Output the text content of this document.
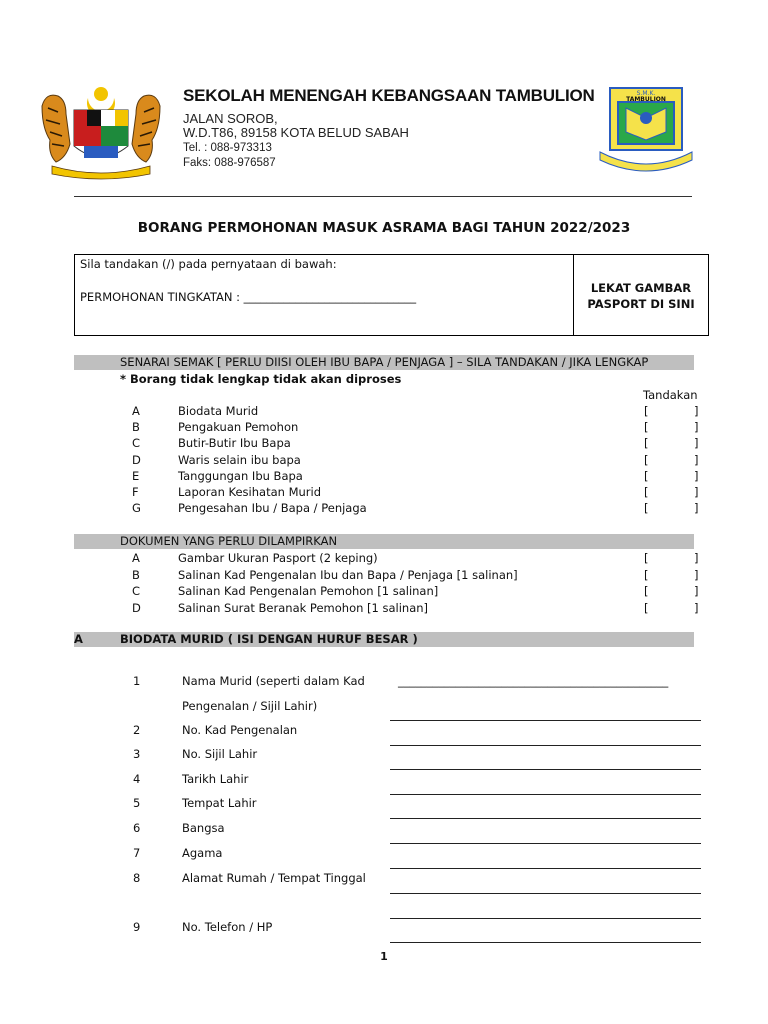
SEKOLAH MENENGAH KEBANGSAAN TAMBULION
JALAN SOROB,
W.D.T86, 89158 KOTA BELUD SABAH
Tel. : 088-973313
Faks: 088-976587
S.M.K.
TAMBULION
BORANG PERMOHONAN MASUK ASRAMA BAGI TAHUN 2022/2023
Sila tandakan (/) pada pernyataan di bawah:
PERMOHONAN TINGKATAN : ______________________________
LEKAT GAMBAR
PASPORT DI SINI
SENARAI SEMAK [ PERLU DIISI OLEH IBU BAPA / PENJAGA ] – SILA TANDAKAN / JIKA LENGKAP
* Borang tidak lengkap tidak akan diproses
Tandakan
A	Biodata Murid	[	]
B	Pengakuan Pemohon	[	]
C	Butir-Butir Ibu Bapa	[	]
D	Waris selain ibu bapa	[	]
E	Tanggungan Ibu Bapa	[	]
F	Laporan Kesihatan Murid	[	]
G	Pengesahan Ibu / Bapa / Penjaga	[	]
DOKUMEN YANG PERLU DILAMPIRKAN
A	Gambar Ukuran Pasport (2 keping)	[	]
B	Salinan Kad Pengenalan Ibu dan Bapa / Penjaga [1 salinan]	[	]
C	Salinan Kad Pengenalan Pemohon [1 salinan]	[	]
D	Salinan Surat Beranak Pemohon [1 salinan]	[	]
A	BIODATA MURID ( ISI DENGAN HURUF BESAR )
1	Nama Murid (seperti dalam Kad	_______________________________________________
Pengenalan / Sijil Lahir)
2	No. Kad Pengenalan
3	No. Sijil Lahir
4	Tarikh Lahir
5	Tempat Lahir
6	Bangsa
7	Agama
8	Alamat Rumah / Tempat Tinggal
9	No. Telefon / HP
1
